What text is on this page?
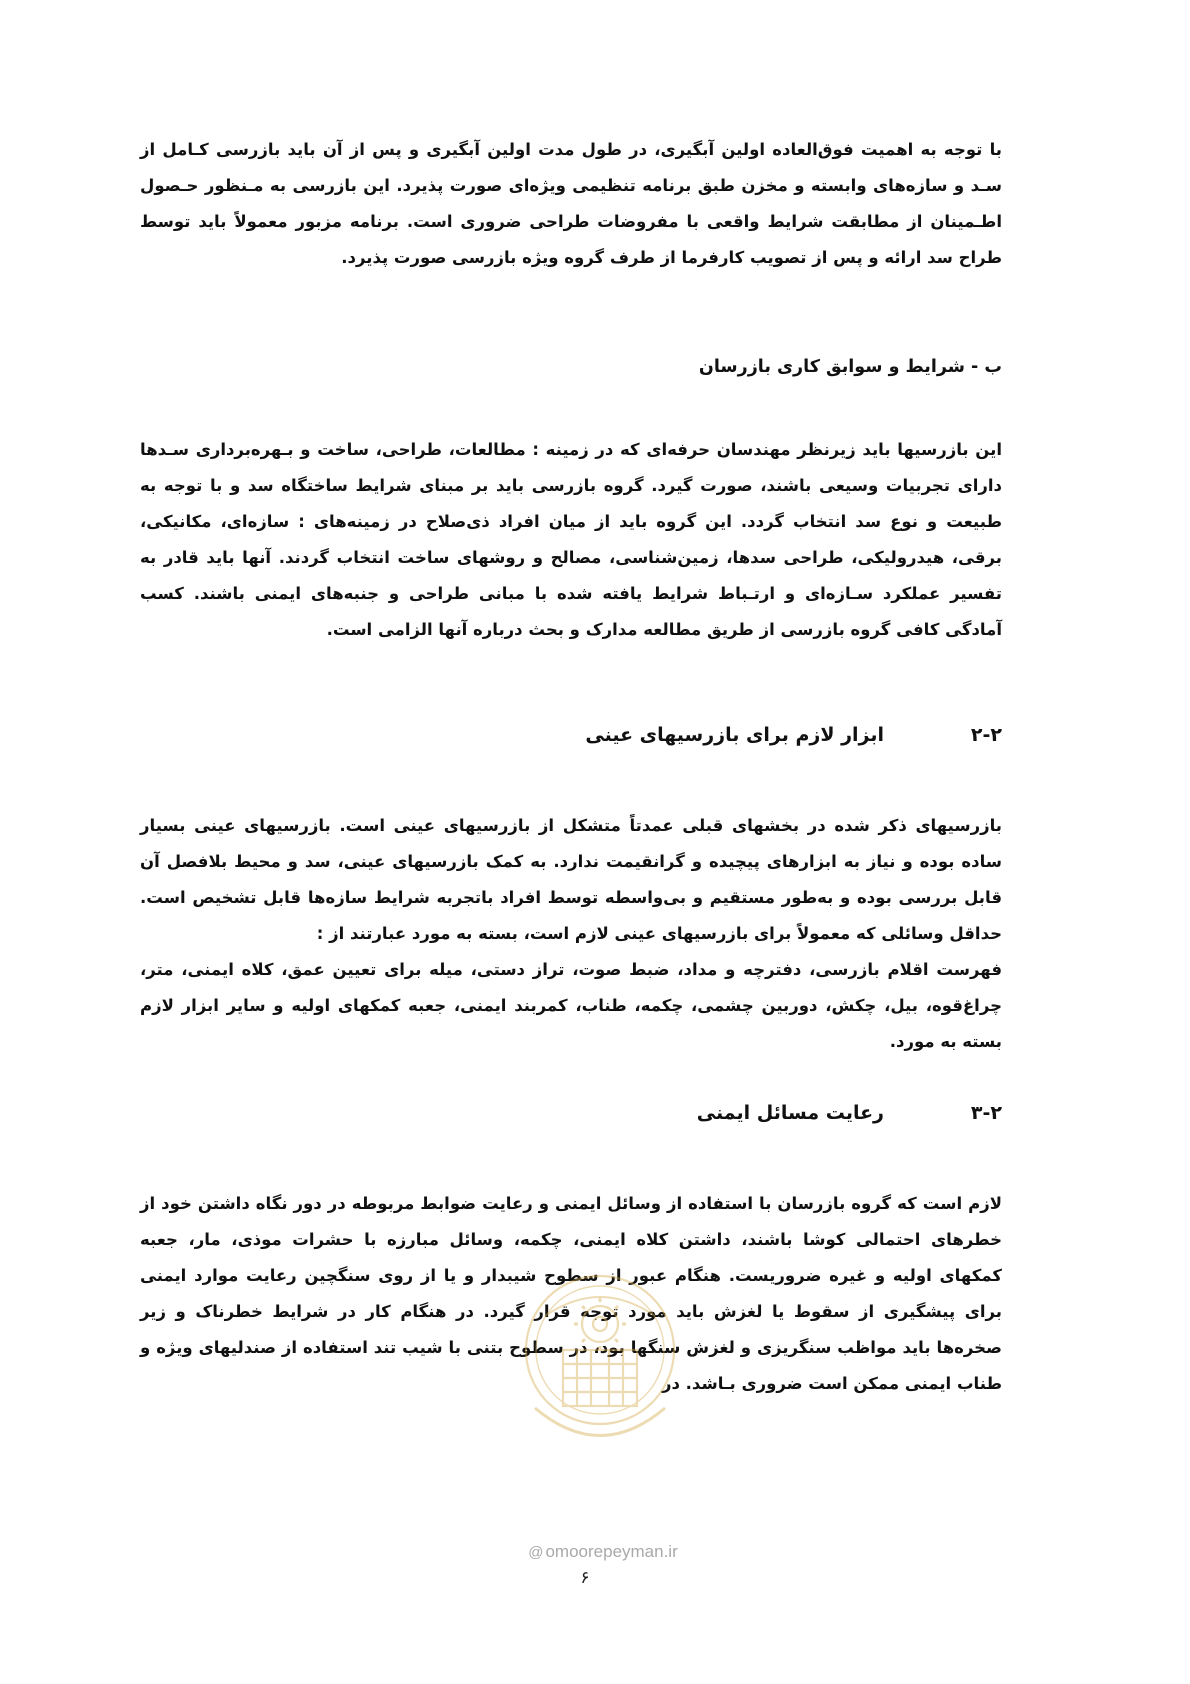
با توجه به اهمیت فوق‌العاده اولین آبگیری، در طول مدت اولین آبگیری و پس از آن باید بازرسی کـامل از سـد و سازه‌های وابسته و مخزن طبق برنامه تنظیمی ویژه‌ای صورت پذیرد. این بازرسی به مـنظور حـصول اطـمینان از مطابقت شرایط واقعی با مفروضات طراحی ضروری است. برنامه مزبور معمولاً باید توسط طراح سد ارائه و پس از تصویب کارفرما از طرف گروه ویژه بازرسی صورت پذیرد.

ب - شرایط و سوابق کاری بازرسان

این بازرسیها باید زیرنظر مهندسان حرفه‌ای که در زمینه : مطالعات، طراحی، ساخت و بـهره‌برداری سـدها دارای تجربیات وسیعی باشند، صورت گیرد. گروه بازرسی باید بر مبنای شرایط ساختگاه سد و با توجه به طبیعت و نوع سد انتخاب گردد. این گروه باید از میان افراد ذی‌صلاح در زمینه‌های : سازه‌ای، مکانیکی، برقی، هیدرولیکی، طراحی سدها، زمین‌شناسی، مصالح و روشهای ساخت انتخاب گردند. آنها باید قادر به تفسیر عملکرد سـازه‌ای و ارتـباط شرایط یافته شده با مبانی طراحی و جنبه‌های ایمنی باشند. کسب آمادگی کافی گروه بازرسی از طریق مطالعه مدارک و بحث درباره آنها الزامی است.

۲-۲
ابزار لازم برای بازرسیهای عینی

بازرسیهای ذکر شده در بخشهای قبلی عمدتاً متشکل از بازرسیهای عینی است. بازرسیهای عینی بسیار ساده بوده و نیاز به ابزارهای پیچیده و گرانقیمت ندارد. به کمک بازرسیهای عینی، سد و محیط بلافصل آن قابل بررسی بوده و به‌طور مستقیم و بی‌واسطه توسط افراد باتجربه شرایط سازه‌ها قابل تشخیص است. حداقل وسائلی که معمولاً برای بازرسیهای عینی لازم است، بسته به مورد عبارتند از :

فهرست اقلام بازرسی، دفترچه و مداد، ضبط صوت، تراز دستی، میله برای تعیین عمق، کلاه ایمنی، متر، چراغ‌قوه، بیل، چکش، دوربین چشمی، چکمه، طناب، کمربند ایمنی، جعبه کمکهای اولیه و سایر ابزار لازم بسته به مورد.

۳-۲
رعایت مسائل ایمنی

لازم است که گروه بازرسان با استفاده از وسائل ایمنی و رعایت ضوابط مربوطه در دور نگاه داشتن خود از خطرهای احتمالی کوشا باشند، داشتن کلاه ایمنی، چکمه، وسائل مبارزه با حشرات موذی، مار، جعبه کمکهای اولیه و غیره ضروریست. هنگام عبور از سطوح شیبدار و یا از روی سنگچین رعایت موارد ایمنی برای پیشگیری از سقوط یا لغزش باید مورد توجه قرار گیرد. در هنگام کار در شرایط خطرناک و زیر صخره‌ها باید مواظب سنگریزی و لغزش سنگها بود، در سطوح بتنی با شیب تند استفاده از صندلیهای ویژه و طناب ایمنی ممکن است ضروری بـاشد. در

@ omoorepeyman.ir
۶
